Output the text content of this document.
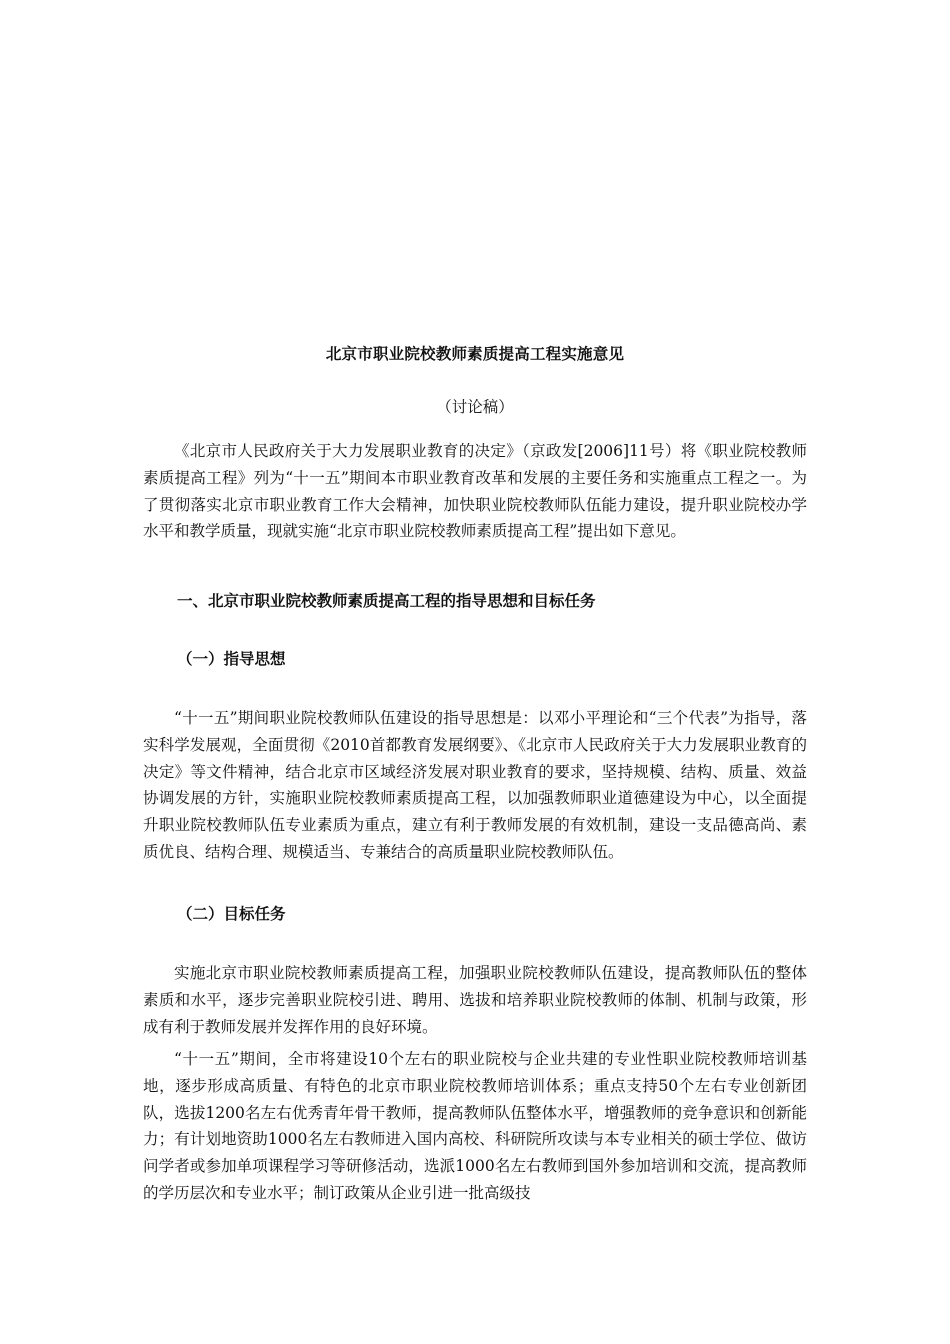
北京市职业院校教师素质提高工程实施意见
（讨论稿）

《北京市人民政府关于大力发展职业教育的决定》（京政发[2006]11号）将《职业院校教师素质提高工程》列为“十一五”期间本市职业教育改革和发展的主要任务和实施重点工程之一。为了贯彻落实北京市职业教育工作大会精神，加快职业院校教师队伍能力建设，提升职业院校办学水平和教学质量，现就实施“北京市职业院校教师素质提高工程”提出如下意见。

一、北京市职业院校教师素质提高工程的指导思想和目标任务
（一）指导思想

“十一五”期间职业院校教师队伍建设的指导思想是：以邓小平理论和“三个代表”为指导，落实科学发展观，全面贯彻《2010首都教育发展纲要》、《北京市人民政府关于大力发展职业教育的决定》等文件精神，结合北京市区域经济发展对职业教育的要求，坚持规模、结构、质量、效益协调发展的方针，实施职业院校教师素质提高工程，以加强教师职业道德建设为中心，以全面提升职业院校教师队伍专业素质为重点，建立有利于教师发展的有效机制，建设一支品德高尚、素质优良、结构合理、规模适当、专兼结合的高质量职业院校教师队伍。

（二）目标任务

实施北京市职业院校教师素质提高工程，加强职业院校教师队伍建设，提高教师队伍的整体素质和水平，逐步完善职业院校引进、聘用、选拔和培养职业院校教师的体制、机制与政策，形成有利于教师发展并发挥作用的良好环境。

“十一五”期间，全市将建设10个左右的职业院校与企业共建的专业性职业院校教师培训基地，逐步形成高质量、有特色的北京市职业院校教师培训体系；重点支持50个左右专业创新团队，选拔1200名左右优秀青年骨干教师，提高教师队伍整体水平，增强教师的竞争意识和创新能力；有计划地资助1000名左右教师进入国内高校、科研院所攻读与本专业相关的硕士学位、做访问学者或参加单项课程学习等研修活动，选派1000名左右教师到国外参加培训和交流，提高教师的学历层次和专业水平；制订政策从企业引进一批高级技
